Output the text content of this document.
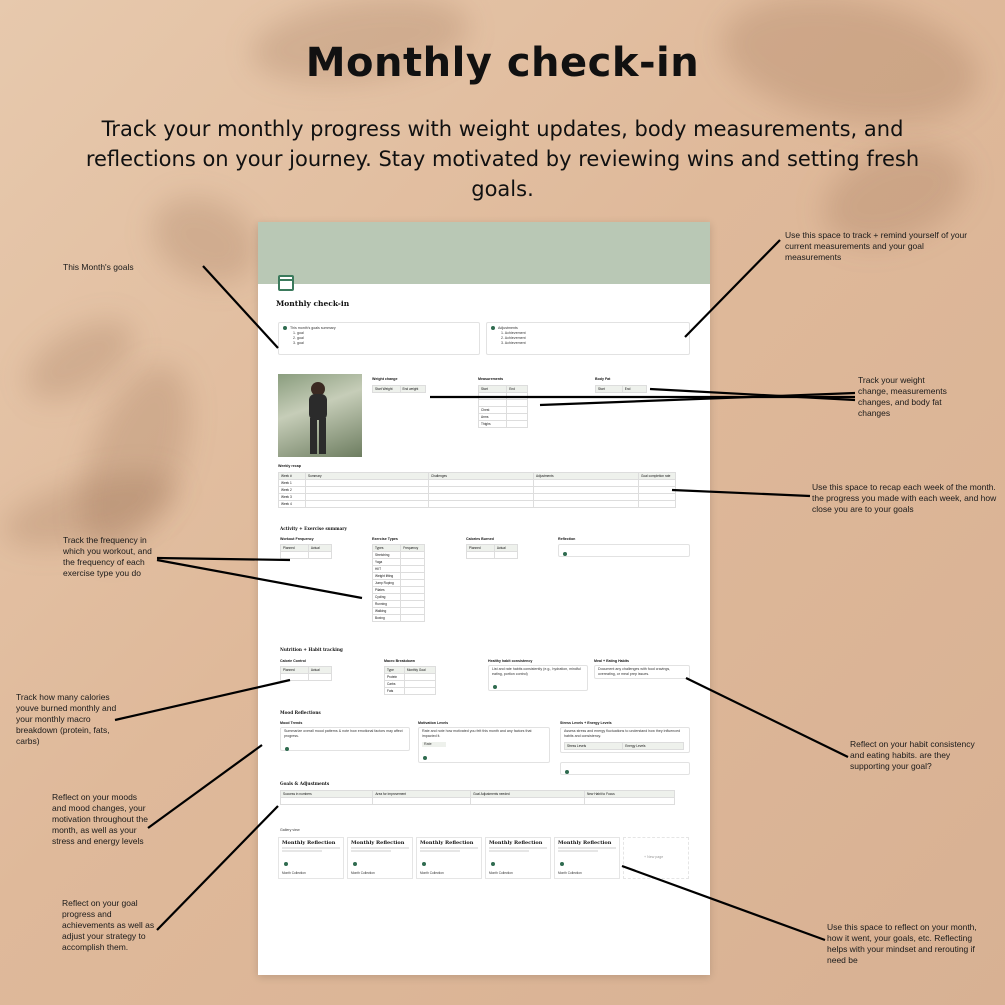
Monthly check-in
Track your monthly progress with weight updates, body measurements, and reflections on your journey. Stay motivated by reviewing wins and setting fresh goals.
This Month's goals
Use this space to track + remind yourself of your current measurements and your goal measurements
Track your weight change, measurements changes, and body fat changes
Use this space to recap each week of the month. the progress you made with each week, and how close you are to your goals
Track the frequency in which you workout, and the frequency of each exercise type you do
Track how many calories youve burned monthly and your monthly macro breakdown (protein, fats, carbs)	Reflect on your habit consistency and eating habits. are they supporting your goal?
Reflect on your moods and mood changes, your motivation throughout the month, as well as your stress and energy levels
Reflect on your goal progress and achievements as well as adjust your strategy to accomplish them.
Use this space to reflect on your month, how it went, your goals, etc. Reflecting helps with your mindset and rerouting if need be
Monthly check-in
This month's goals summary
1. goal
2. goal
3. goal
Adjustments
1. Achievement
2. Achievement
3. Achievement
Weight change
Start Weight	End weight
Measurements
Start	End

Chest	
Arms	
Thighs	
Body Fat
Start	End
Weekly recap
Week #	Summary	Challenges	Adjustments	Goal completion rate
Week 1				
Week 2				
Week 3				
Week 4				
Activity + Exercise summary
Workout Frequency
Planned	Actual

Exercise Types
Types	Frequency
Stretching	
Yoga	
HIIT	
Weight lifting	
Jump Roping	
Pilates	
Cycling	
Running	
Walking	
Boxing	
Calories Burned
Planned	Actual

Reflection
Nutrition + Habit tracking
Calorie Control
Planned	Actual

Macro Breakdown
Type	Monthly Goal
Protein	
Carbs	
Fats	
Healthy habit consistency
List and rate habits consistently (e.g., hydration, mindful eating, portion control)
Meal + Eating Habits
Document any challenges with food cravings, overeating, or meal prep issues.
Mood Reflections
Mood Trends
Summarize overall mood patterns & note how emotional factors may affect progress.
Motivation Levels
Rate and note how motivated you felt this month and any factors that impacted it.
Rate
Stress Levels + Energy Levels
Assess stress and energy fluctuations to understand how they influenced habits and consistency.
Stress Levels	Energy Levels
Goals & Adjustments
Success in numbers	Area for improvement	Goal Adjustments needed	New Habit to Focus

Gallery view
Monthly Reflection
Month Collection
Monthly Reflection
Month Collection
Monthly Reflection
Month Collection
Monthly Reflection
Month Collection
Monthly Reflection
Month Collection
+ New page
